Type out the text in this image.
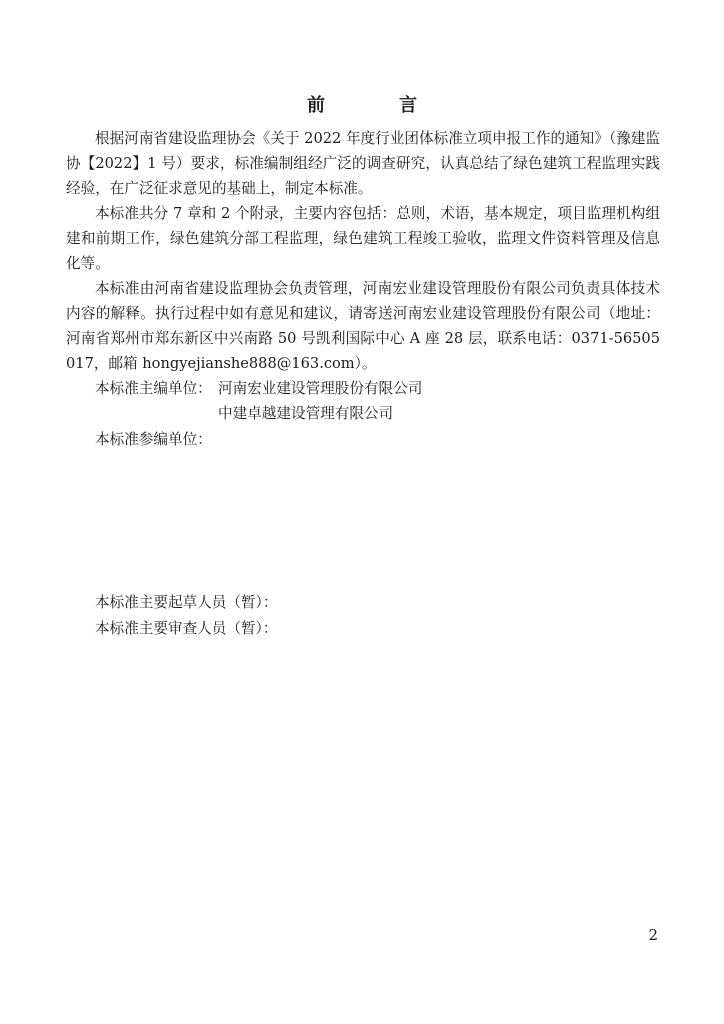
前　言

根据河南省建设监理协会《关于 2022 年度行业团体标准立项申报工作的通知》（豫建监协【2022】1 号）要求，标准编制组经广泛的调查研究，认真总结了绿色建筑工程监理实践经验，在广泛征求意见的基础上，制定本标准。

本标准共分 7 章和 2 个附录，主要内容包括：总则，术语，基本规定，项目监理机构组建和前期工作，绿色建筑分部工程监理，绿色建筑工程竣工验收，监理文件资料管理及信息化等。

本标准由河南省建设监理协会负责管理，河南宏业建设管理股份有限公司负责具体技术内容的解释。执行过程中如有意见和建议，请寄送河南宏业建设管理股份有限公司（地址：河南省郑州市郑东新区中兴南路 50 号凯利国际中心 A 座 28 层，联系电话：0371-56505017，邮箱 hongyejianshe888@163.com）。

本标准主编单位： 河南宏业建设管理股份有限公司
中建卓越建设管理有限公司
本标准参编单位：
本标准主要起草人员（暂）：
本标准主要审查人员（暂）：
2
